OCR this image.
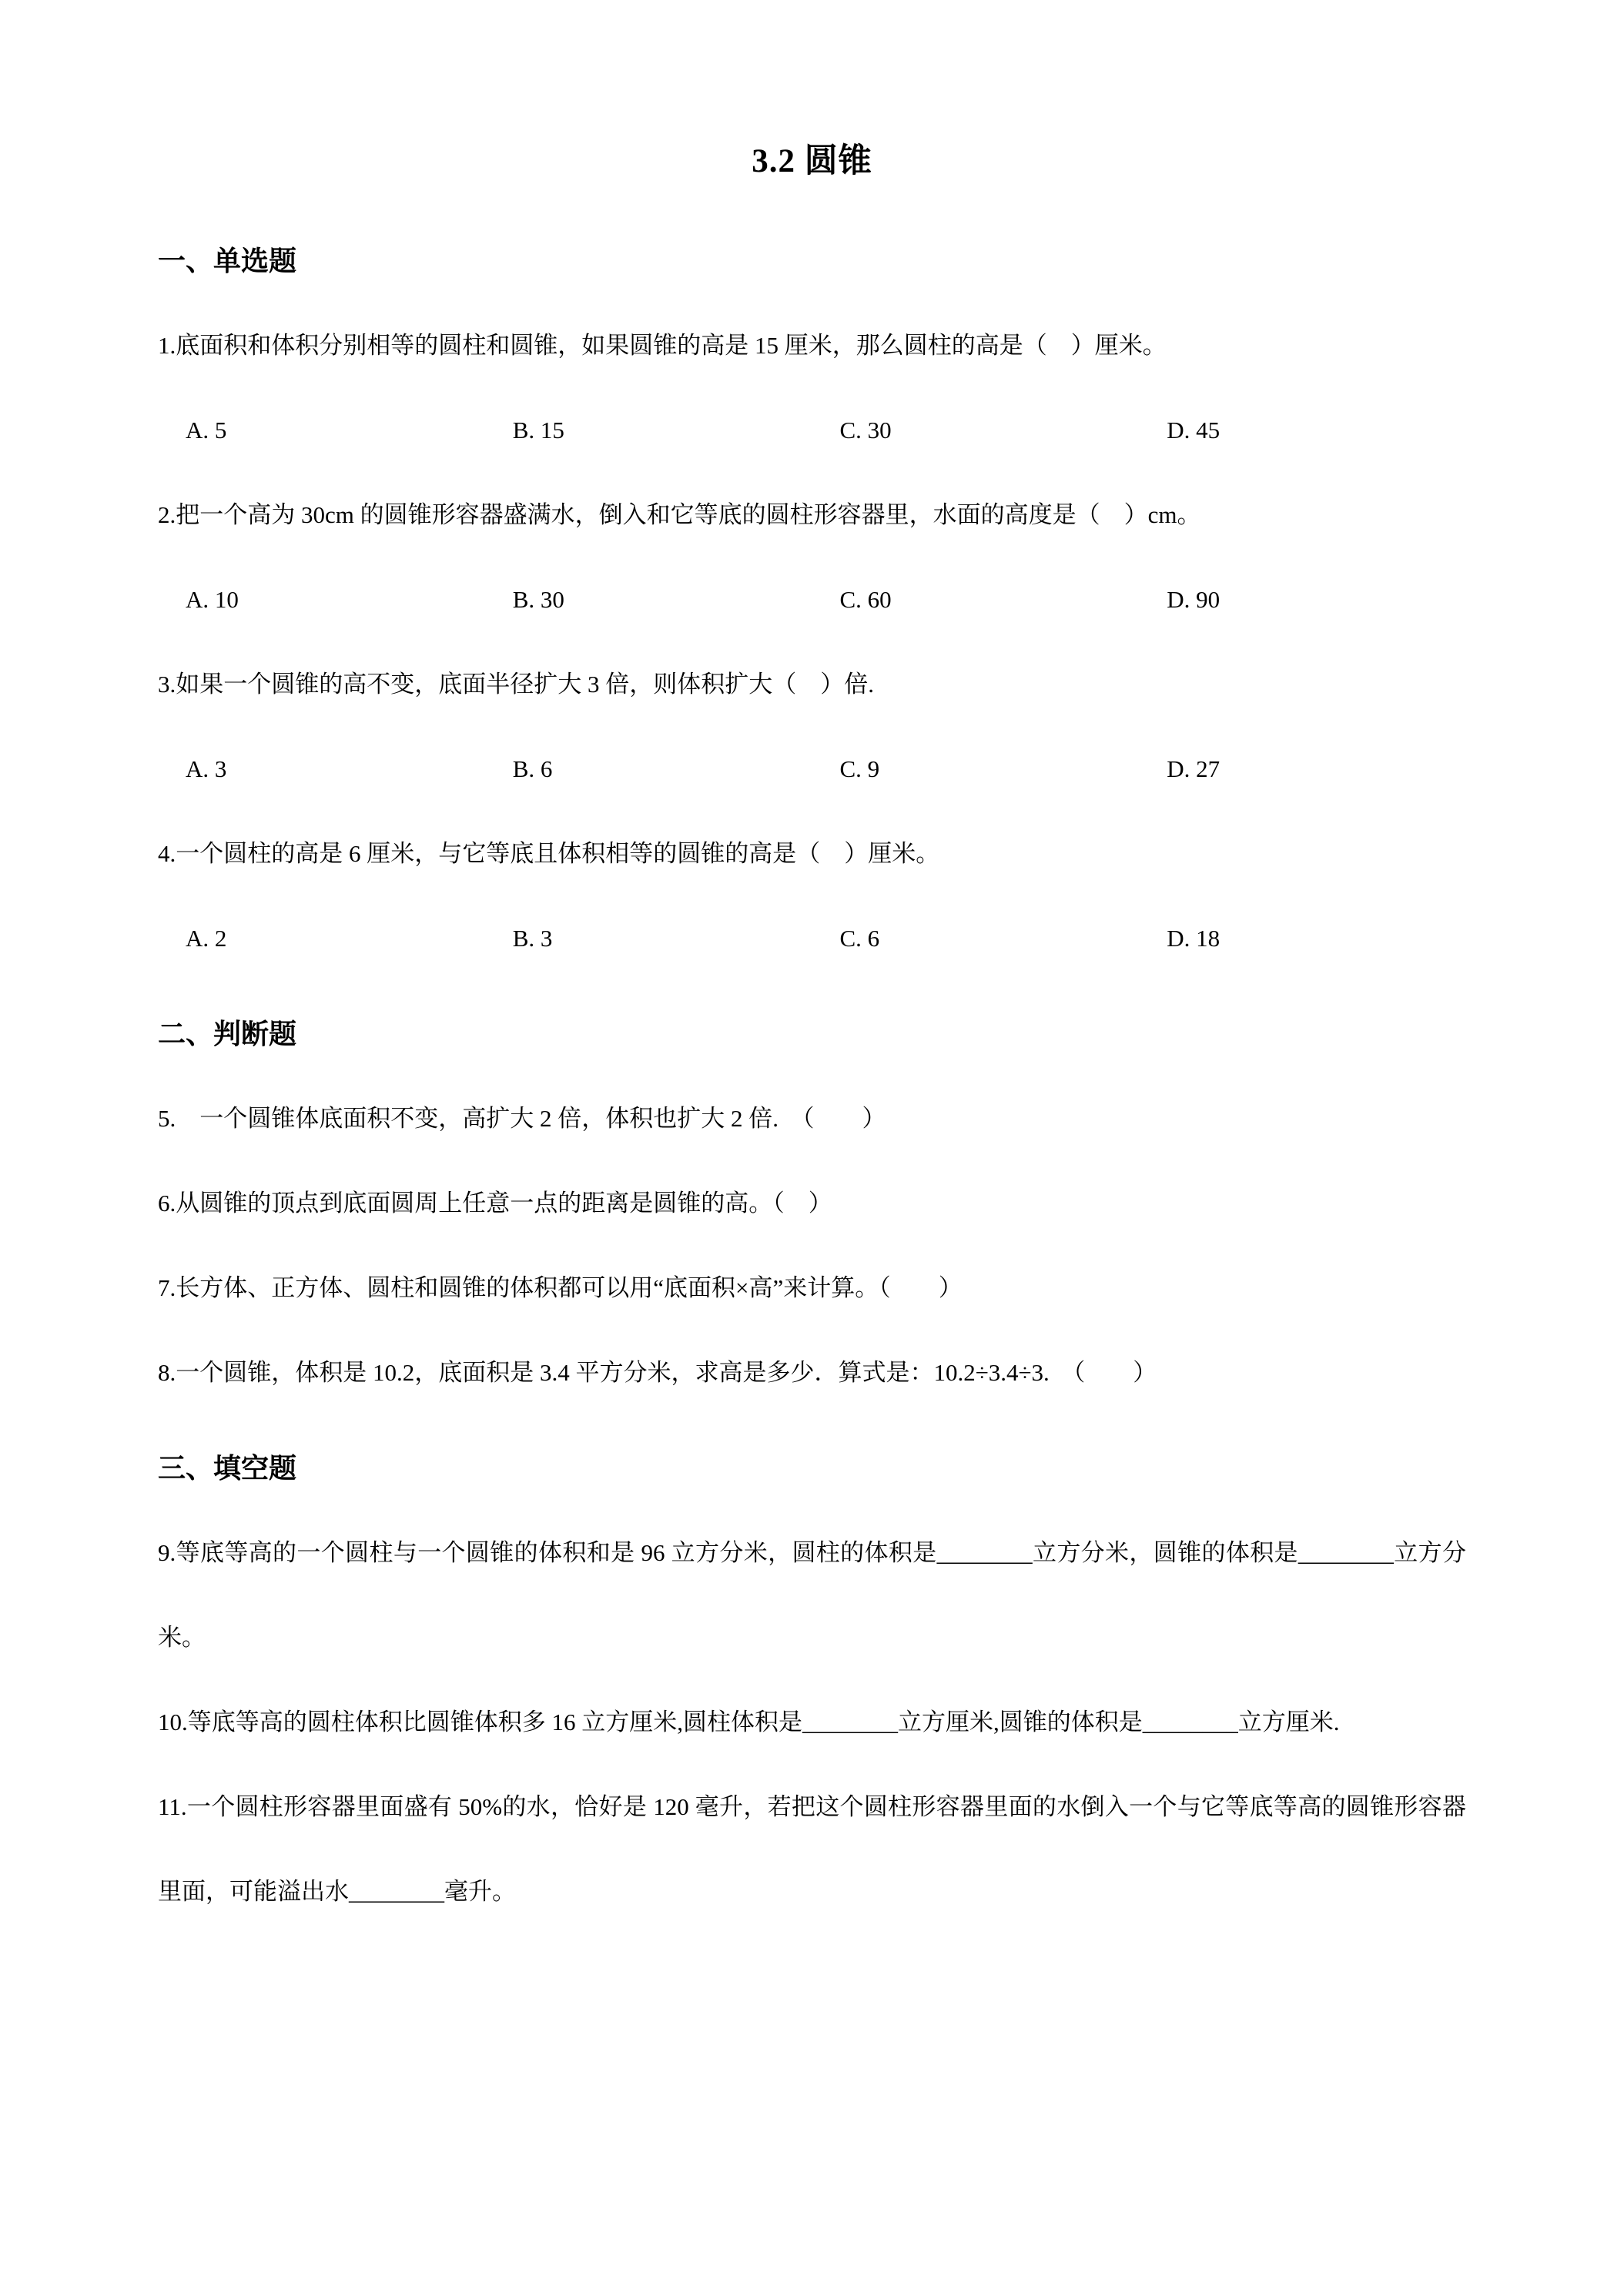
3.2 圆锥
一、单选题

1.底面积和体积分别相等的圆柱和圆锥，如果圆锥的高是 15 厘米，那么圆柱的高是（　）厘米。

A. 5	B. 15	C. 30	D. 45

2.把一个高为 30cm 的圆锥形容器盛满水，倒入和它等底的圆柱形容器里，水面的高度是（　）cm。

A. 10	B. 30	C. 60	D. 90

3.如果一个圆锥的高不变，底面半径扩大 3 倍，则体积扩大（　）倍.

A. 3	B. 6	C. 9	D. 27

4.一个圆柱的高是 6 厘米，与它等底且体积相等的圆锥的高是（　）厘米。

A. 2	B. 3	C. 6	D. 18
二、判断题

5.　一个圆锥体底面积不变，高扩大 2 倍，体积也扩大 2 倍.　（　　）

6.从圆锥的顶点到底面圆周上任意一点的距离是圆锥的高。（　）

7.长方体、正方体、圆柱和圆锥的体积都可以用“底面积×高”来计算。（　　）

8.一个圆锥，体积是 10.2，底面积是 3.4 平方分米，求高是多少．算式是：10.2÷3.4÷3.　（　　）

三、填空题

9.等底等高的一个圆柱与一个圆锥的体积和是 96 立方分米，圆柱的体积是________立方分米，圆锥的体积是________立方分米。

10.等底等高的圆柱体积比圆锥体积多 16 立方厘米,圆柱体积是________立方厘米,圆锥的体积是________立方厘米.

11.一个圆柱形容器里面盛有 50%的水，恰好是 120 毫升，若把这个圆柱形容器里面的水倒入一个与它等底等高的圆锥形容器里面，可能溢出水________毫升。
